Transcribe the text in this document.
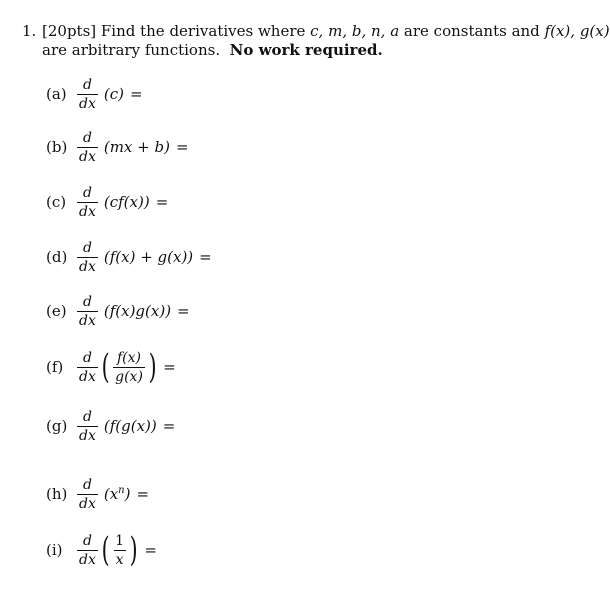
1. [20pts] Find the derivatives where c, m, b, n, a are constants and f(x), g(x)
are arbitrary functions. No work required.
$(a) \frac{d}{dx} (c)$ =
$(b) \frac{d}{dx} (mx + b)$ =
$(c) \frac{d}{dx} (cf(x))$ =
$(d) \frac{d}{dx} (f(x) + g(x))$ =
$(e) \frac{d}{dx} (f(x)g(x))$ =
$(f) \frac{d}{dx}$ ( $\frac{f(x)}{g(x)}$ ) =
$(g) \frac{d}{dx} (f(g(x))$ =
$(h) \frac{d}{dx} (x^n)$ =
(i)	$\frac{d}{dx}$ ( $\frac{1}{x}$ ) =
